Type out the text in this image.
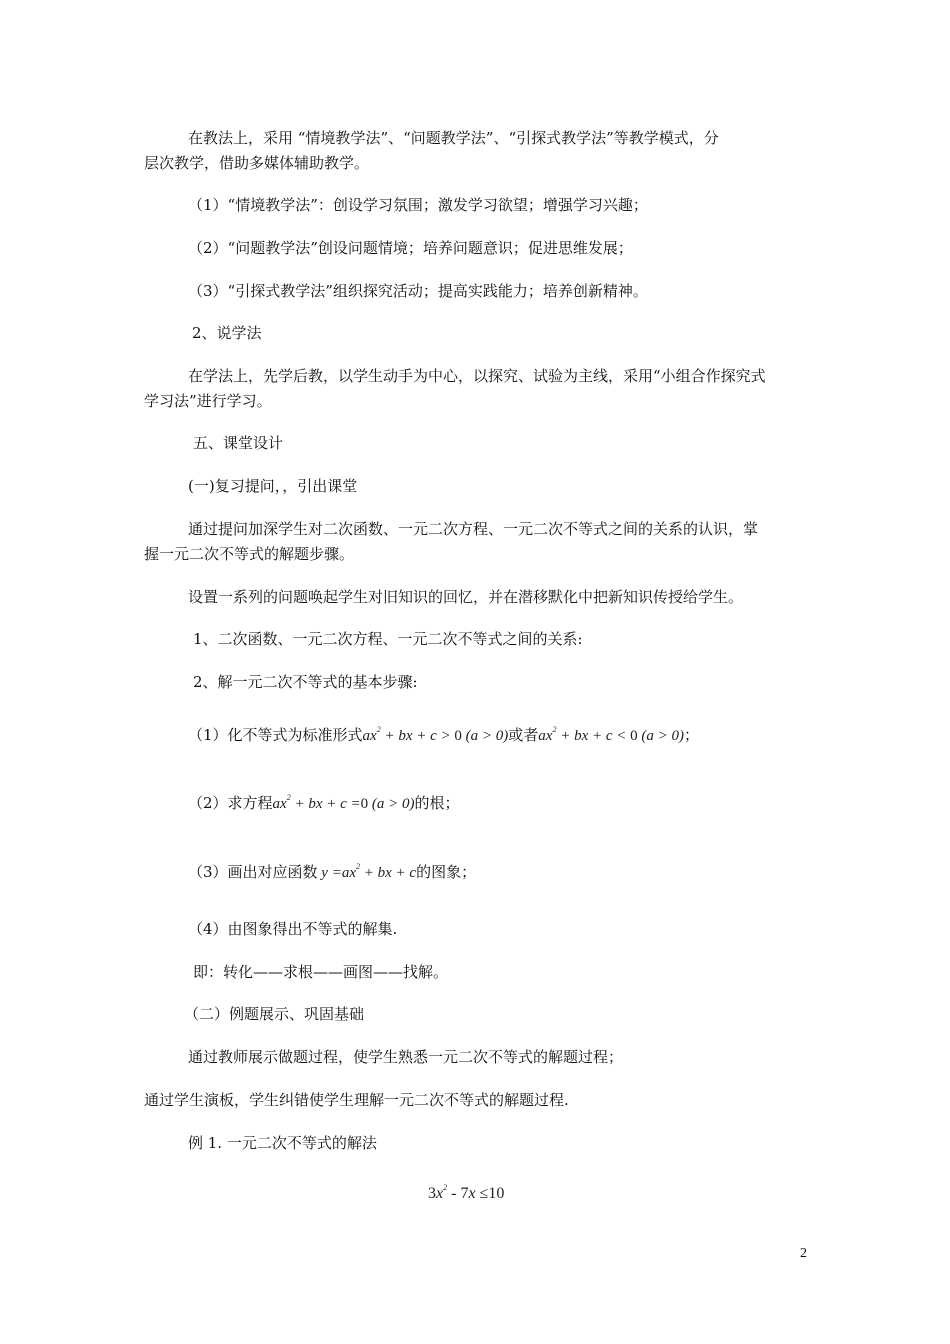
在教法上，采用 “情境教学法”、“问题教学法”、“引探式教学法”等教学模式，分
层次教学，借助多媒体辅助教学。
（1）“情境教学法”：创设学习氛围；激发学习欲望；增强学习兴趣；
（2）“问题教学法”创设问题情境；培养问题意识；促进思维发展；
（3）“引探式教学法”组织探究活动；提高实践能力；培养创新精神。
2、说学法
在学法上，先学后教，以学生动手为中心，以探究、试验为主线，采用“小组合作探究式
学习法”进行学习。
五、课堂设计
(一)复习提问，，引出课堂
通过提问加深学生对二次函数、一元二次方程、一元二次不等式之间的关系的认识，掌
握一元二次不等式的解题步骤。
设置一系列的问题唤起学生对旧知识的回忆，并在潜移默化中把新知识传授给学生。
1、二次函数、一元二次方程、一元二次不等式之间的关系:
2、解一元二次不等式的基本步骤:
（1）化不等式为标准形式$ax^2$ + bx + c > 0 (a > 0)或者$ax^2$ + bx + c < 0 (a > 0)；
（2）求方程$ax^2$ + bx + c =0 (a > 0)的根；
（3）画出对应函数 $y =ax^2$ + bx + c的图象；
（4）由图象得出不等式的解集.
即：转化——求根——画图——找解。
（二）例题展示、巩固基础
通过教师展示做题过程，使学生熟悉一元二次不等式的解题过程；
通过学生演板，学生纠错使学生理解一元二次不等式的解题过程.
例 1. 一元二次不等式的解法
$3x^2 - 7x \le 10$
2
